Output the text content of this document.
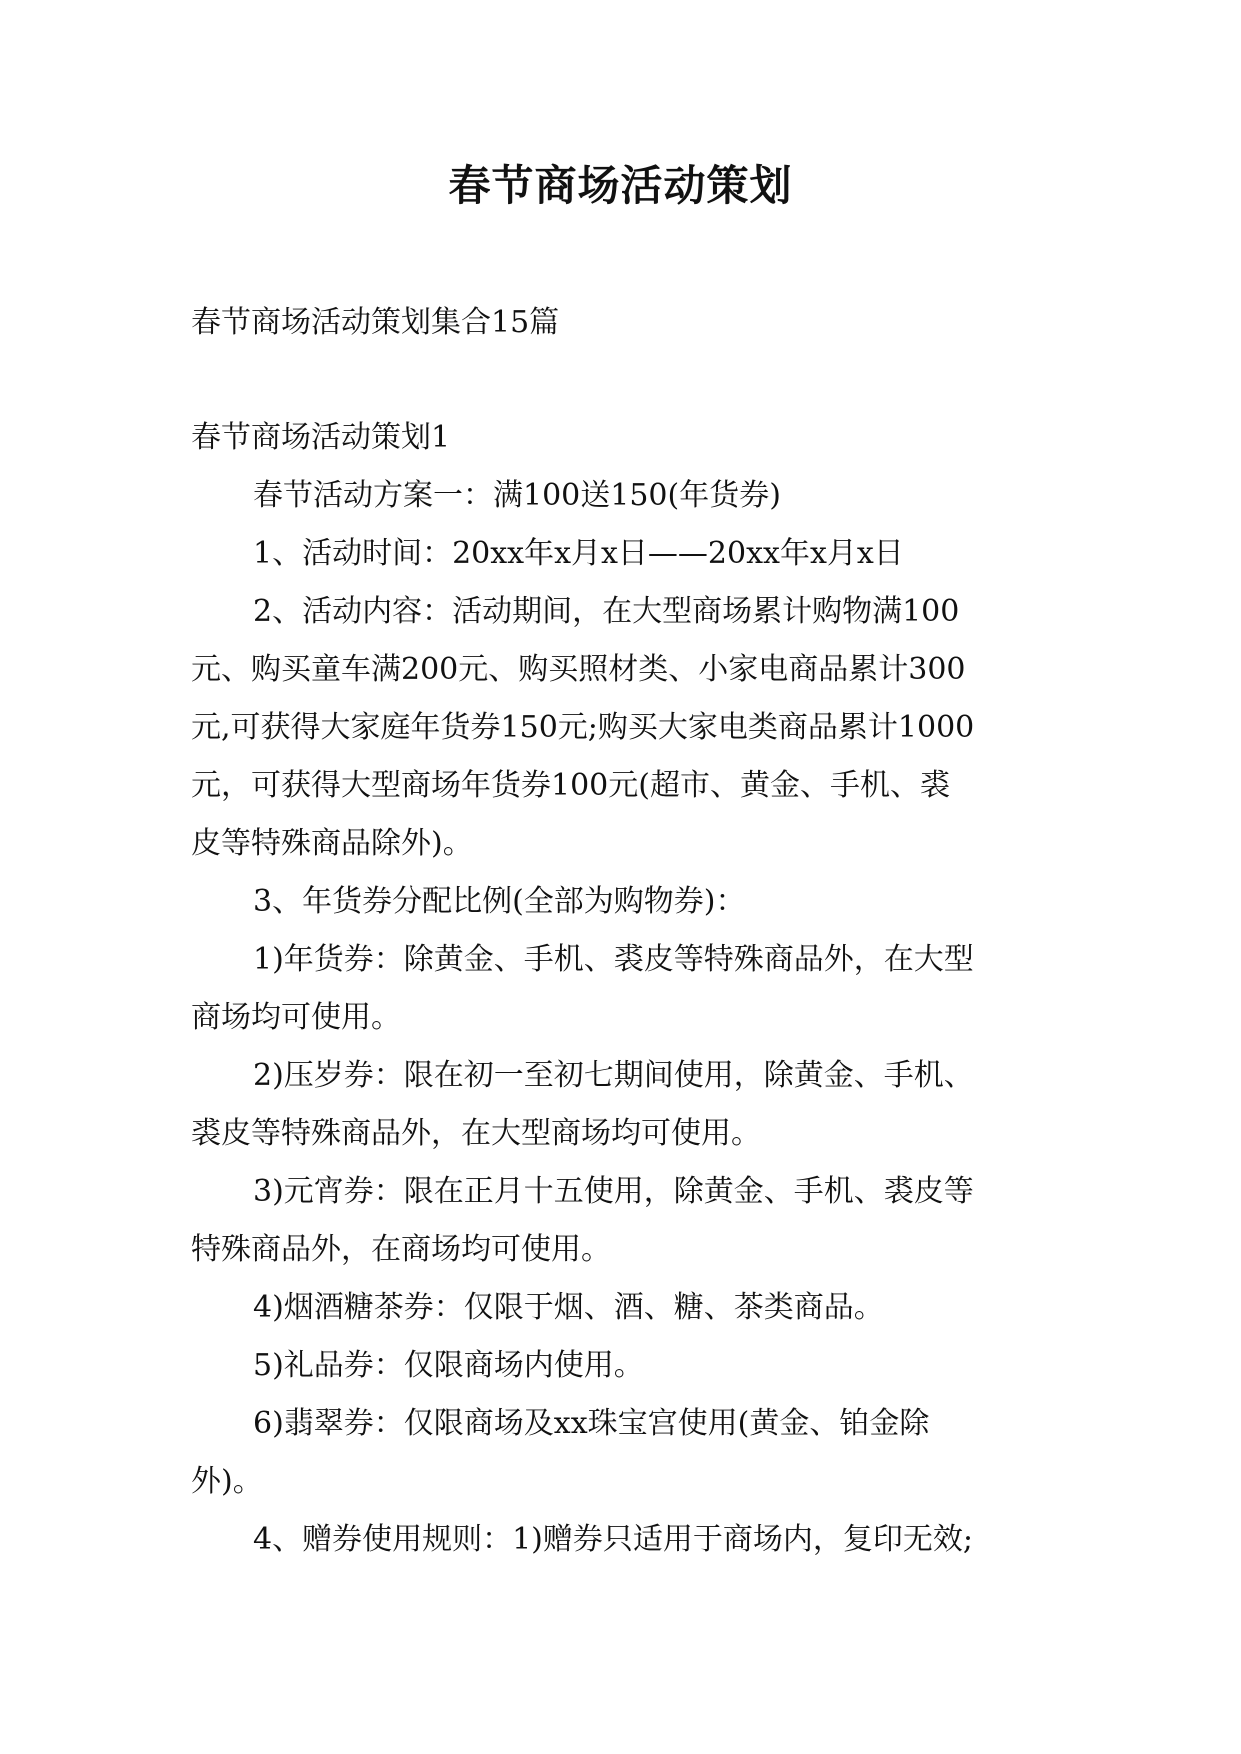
春节商场活动策划

春节商场活动策划集合15篇

春节商场活动策划1

春节活动方案一：满100送150(年货券)

1、活动时间：20xx年x月x日——20xx年x月x日

2、活动内容：活动期间，在大型商场累计购物满100
元、购买童车满200元、购买照材类、小家电商品累计300
元,可获得大家庭年货券150元;购买大家电类商品累计1000
元，可获得大型商场年货券100元(超市、黄金、手机、裘
皮等特殊商品除外)。

3、年货券分配比例(全部为购物券)：

1)年货券：除黄金、手机、裘皮等特殊商品外，在大型
商场均可使用。

2)压岁券：限在初一至初七期间使用，除黄金、手机、
裘皮等特殊商品外，在大型商场均可使用。

3)元宵券：限在正月十五使用，除黄金、手机、裘皮等
特殊商品外，在商场均可使用。

4)烟酒糖茶券：仅限于烟、酒、糖、茶类商品。

5)礼品券：仅限商场内使用。

6)翡翠券：仅限商场及xx珠宝宫使用(黄金、铂金除
外)。

4、赠券使用规则：1)赠券只适用于商场内，复印无效;
